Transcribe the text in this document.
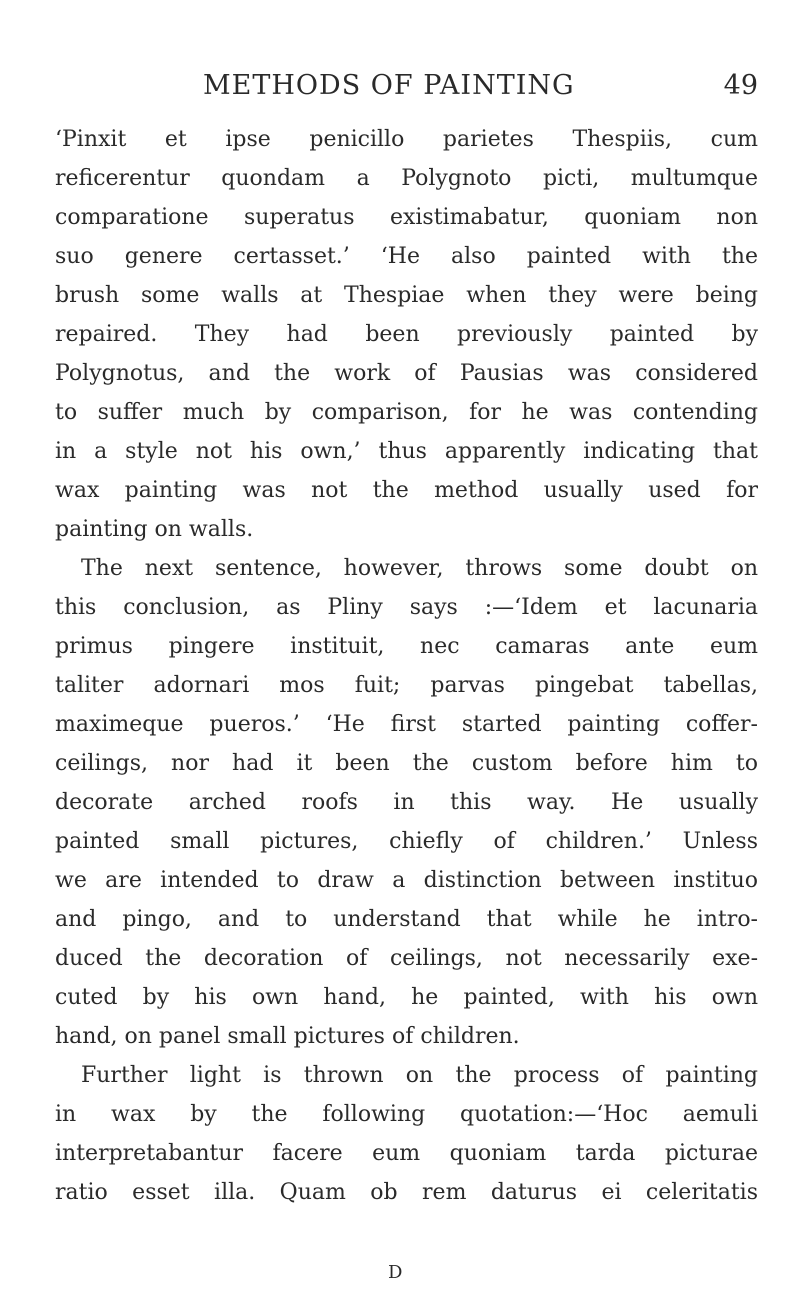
METHODS OF PAINTING	49
‘Pinxit et ipse penicillo parietes Thespiis, cum
reficerentur quondam a Polygnoto picti, multumque
comparatione superatus existimabatur, quoniam non
suo genere certasset.’ ‘He also painted with the
brush some walls at Thespiae when they were being
repaired. They had been previously painted by
Polygnotus, and the work of Pausias was considered
to suffer much by comparison, for he was contending
in a style not his own,’ thus apparently indicating that
wax painting was not the method usually used for
painting on walls.
The next sentence, however, throws some doubt on
this conclusion, as Pliny says :—‘Idem et lacunaria
primus pingere instituit, nec camaras ante eum
taliter adornari mos fuit; parvas pingebat tabellas,
maximeque pueros.’ ‘He first started painting coffer-
ceilings, nor had it been the custom before him to
decorate arched roofs in this way. He usually
painted small pictures, chiefly of children.’ Unless
we are intended to draw a distinction between instituo
and pingo, and to understand that while he intro-
duced the decoration of ceilings, not necessarily exe-
cuted by his own hand, he painted, with his own
hand, on panel small pictures of children.
Further light is thrown on the process of painting
in wax by the following quotation:—‘Hoc aemuli
interpretabantur facere eum quoniam tarda picturae
ratio esset illa. Quam ob rem daturus ei celeritatis
D
